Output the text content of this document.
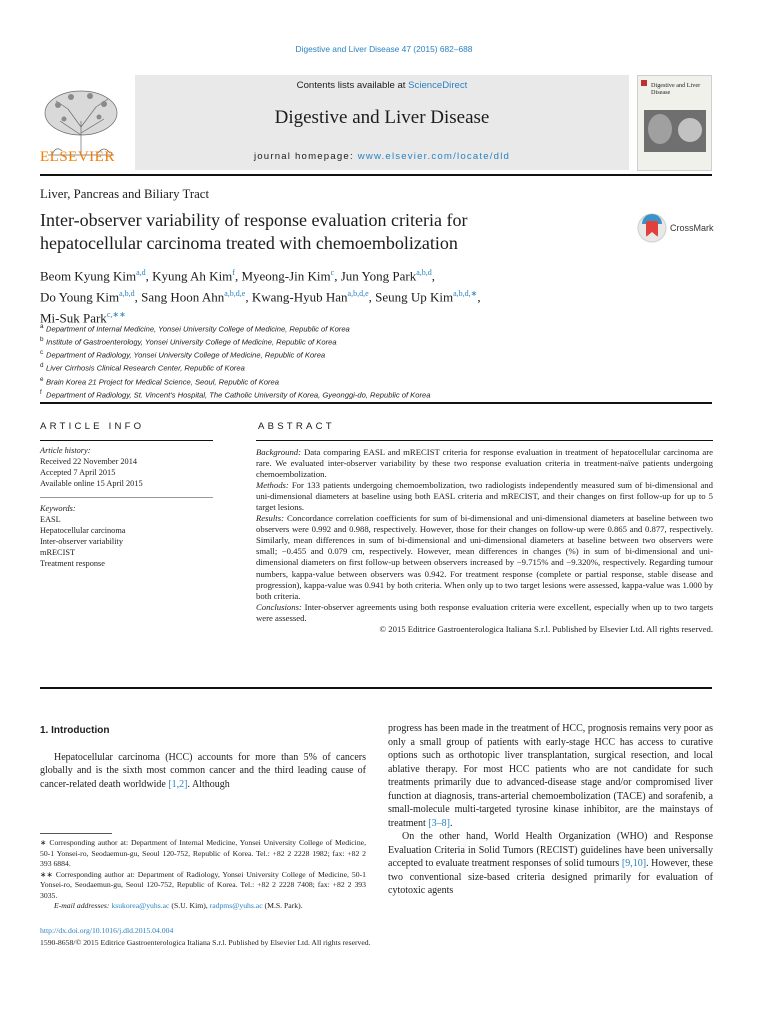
Digestive and Liver Disease 47 (2015) 682–688
ELSEVIER
Contents lists available at ScienceDirect
Digestive and Liver Disease
journal homepage: www.elsevier.com/locate/dld
Digestive and Liver Disease
Liver, Pancreas and Biliary Tract
Inter-observer variability of response evaluation criteria for
hepatocellular carcinoma treated with chemoembolization
CrossMark
Beom Kyung Kim$^{a,d}$, Kyung Ah Kim$^f$, Myeong-Jin Kim$^c$, Jun Yong Park$^{a,b,d}$,
Do Young Kim$^{a,b,d}$, Sang Hoon Ahn$^{a,b,d,e}$, Kwang-Hyub Han$^{a,b,d,e}$, Seung Up Kim$^{a,b,d,∗}$,
Mi-Suk Park$^{c,∗∗}$
$^a$ Department of Internal Medicine, Yonsei University College of Medicine, Republic of Korea
$^b$ Institute of Gastroenterology, Yonsei University College of Medicine, Republic of Korea
$^c$ Department of Radiology, Yonsei University College of Medicine, Republic of Korea
$^d$ Liver Cirrhosis Clinical Research Center, Republic of Korea
$^e$ Brain Korea 21 Project for Medical Science, Seoul, Republic of Korea
$^f$ Department of Radiology, St. Vincent's Hospital, The Catholic University of Korea, Gyeonggi-do, Republic of Korea
ARTICLE INFO
Article history:
Received 22 November 2014
Accepted 7 April 2015
Available online 15 April 2015
Keywords:
EASL
Hepatocellular carcinoma
Inter-observer variability
mRECIST
Treatment response
ABSTRACT

Background: Data comparing EASL and mRECIST criteria for response evaluation in treatment of hepatocellular carcinoma are rare. We evaluated inter-observer variability by these two response evaluation criteria in treatment-naïve patients undergoing chemoembolization.

Methods: For 133 patients undergoing chemoembolization, two radiologists independently measured sum of bi-dimensional and uni-dimensional diameters at baseline using both EASL criteria and mRECIST, and their changes on first follow-up for up to 5 target lesions.

Results: Concordance correlation coefficients for sum of bi-dimensional and uni-dimensional diameters at baseline between two observers were 0.992 and 0.988, respectively. However, those for their changes on follow-up were 0.865 and 0.877, respectively. Similarly, mean differences in sum of bi-dimensional and uni-dimensional diameters at baseline between two observers were small; −0.455 and 0.079 cm, respectively. However, mean differences in changes (%) in sum of bi-dimensional and uni-dimensional diameters on first follow-up between observers increased by −9.715% and −9.320%, respectively. Regarding tumour numbers, kappa-value between observers was 0.942. For treatment response (complete or partial response, stable disease and progression), kappa-value was 0.941 by both criteria. When only up to two target lesions were assessed, kappa-value was 1.000 by both criteria.

Conclusions: Inter-observer agreements using both response evaluation criteria were excellent, especially when up to two targets were assessed.

© 2015 Editrice Gastroenterologica Italiana S.r.l. Published by Elsevier Ltd. All rights reserved.

1. Introduction

Hepatocellular carcinoma (HCC) accounts for more than 5% of cancers globally and is the sixth most common cancer and the third leading cause of cancer-related death worldwide [1,2]. Although

progress has been made in the treatment of HCC, prognosis remains very poor as only a small group of patients with early-stage HCC has access to curative options such as orthotopic liver transplantation, surgical resection, and local ablative therapy. For most HCC patients who are not candidate for such treatments primarily due to advanced-disease stage and/or compromised liver function at diagnosis, trans-arterial chemoembolization (TACE) and sorafenib, a small-molecule multi-targeted tyrosine kinase inhibitor, are the mainstays of treatment [3–8].

On the other hand, World Health Organization (WHO) and Response Evaluation Criteria in Solid Tumors (RECIST) guidelines have been universally accepted to evaluate treatment responses of solid tumours [9,10]. However, these two conventional size-based criteria designed primarily for evaluation of cytotoxic agents

∗ Corresponding author at: Department of Internal Medicine, Yonsei University College of Medicine, 50-1 Yonsei-ro, Seodaemun-gu, Seoul 120-752, Republic of Korea. Tel.: +82 2 2228 1982; fax: +82 2 393 6884.

∗∗ Corresponding author at: Department of Radiology, Yonsei University College of Medicine, 50-1 Yonsei-ro, Seodaemun-gu, Seoul 120-752, Republic of Korea. Tel.: +82 2 2228 7408; fax: +82 2 393 3035.

E-mail addresses: ksukorea@yuhs.ac (S.U. Kim), radpms@yuhs.ac (M.S. Park).

http://dx.doi.org/10.1016/j.dld.2015.04.004
1590-8658/© 2015 Editrice Gastroenterologica Italiana S.r.l. Published by Elsevier Ltd. All rights reserved.
